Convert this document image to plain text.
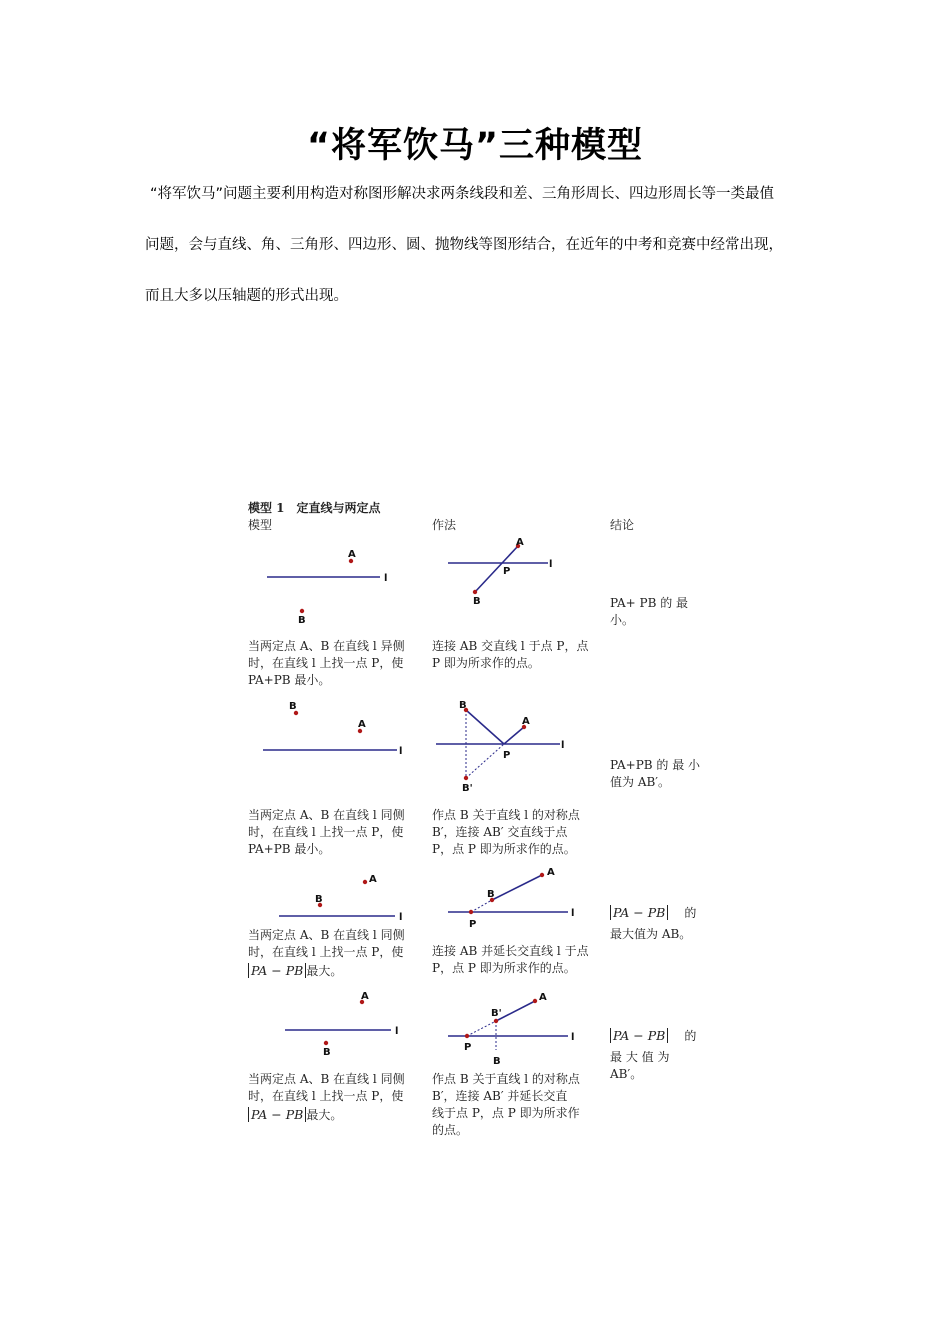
“将军饮马”三种模型
“将军饮马”问题主要利用构造对称图形解决求两条线段和差、三角形周长、四边形周长等一类最值
问题，会与直线、角、三角形、四边形、圆、抛物线等图形结合，在近年的中考和竞赛中经常出现，
而且大多以压轴题的形式出现。
模型 1　定直线与两定点
模型	作法	结论
l
A
B
l
A
B
P
当两定点 A、B 在直线 l 异侧
时，在直线 l 上找一点 P，使
PA+PB 最小。
连接 AB 交直线 l 于点 P，点
P 即为所求作的点。
PA+ PB 的 最
小。
l
B
A
l
B
A
B'
P
当两定点 A、B 在直线 l 同侧
时，在直线 l 上找一点 P，使
PA+PB 最小。
作点 B 关于直线 l 的对称点
B′，连接 AB′ 交直线于点
P，点 P 即为所求作的点。
PA+PB 的 最 小
值为 AB′。
l
A
B
l
A
B
P
当两定点 A、B 在直线 l 同侧
时，在直线 l 上找一点 P，使
PA − PB 最大。
连接 AB 并延长交直线 l 于点
P，点 P 即为所求作的点。
PA − PB 的
最大值为 AB。
l
A
B
l
A
B'
P
B
当两定点 A、B 在直线 l 同侧
时，在直线 l 上找一点 P，使
PA − PB 最大。
作点 B 关于直线 l 的对称点
B′，连接 AB′ 并延长交直
线于点 P，点 P 即为所求作
的点。
PA − PB 的
最 大 值 为
AB′。
